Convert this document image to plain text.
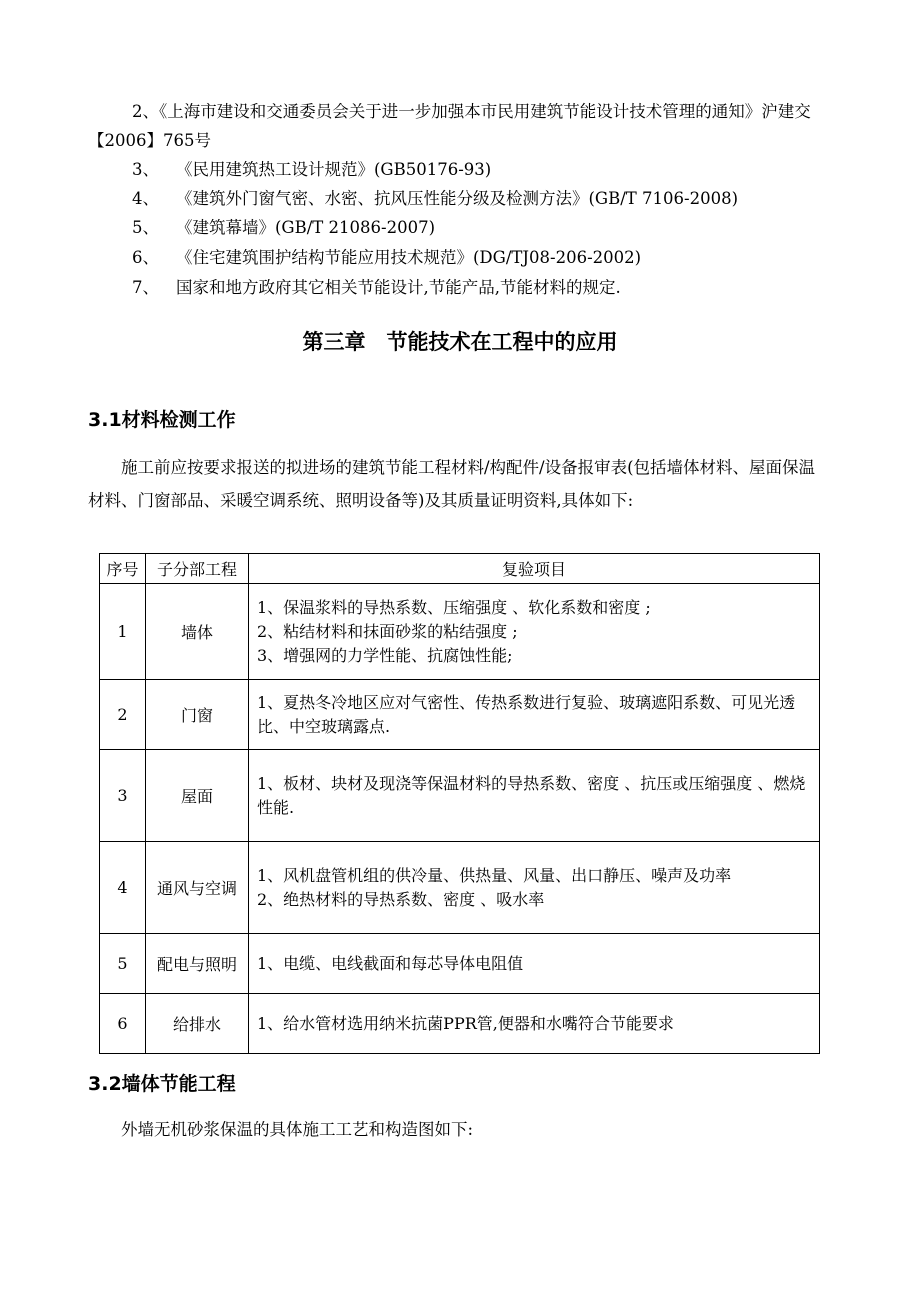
2、《上海市建设和交通委员会关于进一步加强本市民用建筑节能设计技术管理的通知》沪建交【2006】765号
3、 《民用建筑热工设计规范》(GB50176-93)
4、 《建筑外门窗气密、水密、抗风压性能分级及检测方法》(GB/T 7106-2008)
5、 《建筑幕墙》(GB/T 21086-2007)
6、 《住宅建筑围护结构节能应用技术规范》(DG/TJ08-206-2002)
7、 国家和地方政府其它相关节能设计,节能产品,节能材料的规定.
第三章　节能技术在工程中的应用
3.1材料检测工作
施工前应按要求报送的拟进场的建筑节能工程材料/构配件/设备报审表(包括墙体材料、屋面保温材料、门窗部品、采暖空调系统、照明设备等)及其质量证明资料,具体如下:
序号	子分部工程	复验项目
1	墙体	1、保温浆料的导热系数、压缩强度 、软化系数和密度 ;
2、粘结材料和抹面砂浆的粘结强度 ;
3、增强网的力学性能、抗腐蚀性能;

2	门窗	1、夏热冬冷地区应对气密性、传热系数进行复验、玻璃遮阳系数、可见光透比、中空玻璃露点.

3	屋面	1、板材、块材及现浇等保温材料的导热系数、密度 、抗压或压缩强度 、燃烧性能.

4	通风与空调	1、风机盘管机组的供冷量、供热量、风量、出口静压、噪声及功率
2、绝热材料的导热系数、密度 、吸水率

5	配电与照明	1、电缆、电线截面和每芯导体电阻值

6	给排水	1、给水管材选用纳米抗菌PPR管,便器和水嘴符合节能要求
3.2墙体节能工程
外墙无机砂浆保温的具体施工工艺和构造图如下:
